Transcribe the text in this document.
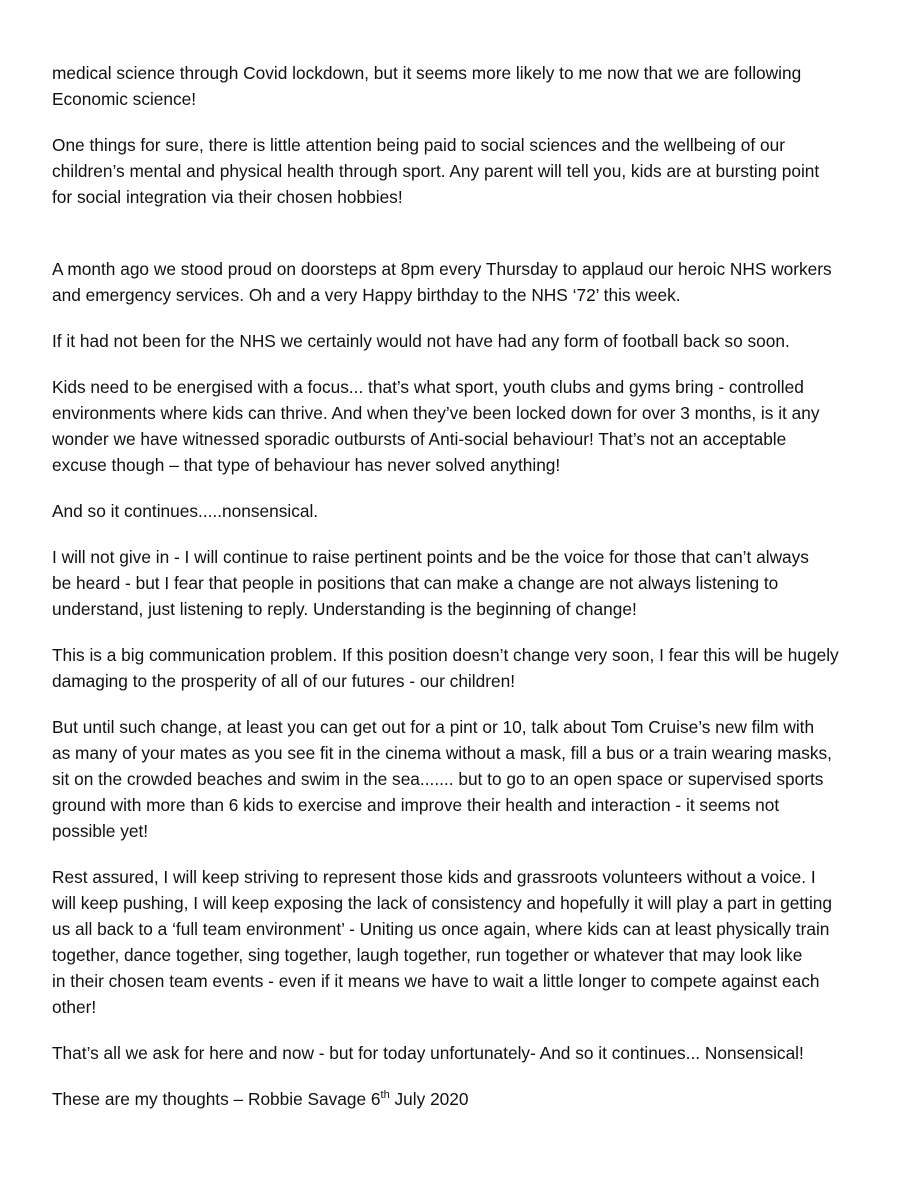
medical science through Covid lockdown, but it seems more likely to me now that we are following
Economic science!

One things for sure, there is little attention being paid to social sciences and the wellbeing of our
children’s mental and physical health through sport. Any parent will tell you, kids are at bursting point
for social integration via their chosen hobbies!

A month ago we stood proud on doorsteps at 8pm every Thursday to applaud our heroic NHS workers
and emergency services. Oh and a very Happy birthday to the NHS ‘72’ this week.

If it had not been for the NHS we certainly would not have had any form of football back so soon.

Kids need to be energised with a focus... that’s what sport, youth clubs and gyms bring - controlled
environments where kids can thrive. And when they’ve been locked down for over 3 months, is it any
wonder we have witnessed sporadic outbursts of Anti-social behaviour! That’s not an acceptable
excuse though – that type of behaviour has never solved anything!

And so it continues.....nonsensical.

I will not give in - I will continue to raise pertinent points and be the voice for those that can’t always
be heard - but I fear that people in positions that can make a change are not always listening to
understand, just listening to reply. Understanding is the beginning of change!

This is a big communication problem. If this position doesn’t change very soon, I fear this will be hugely
damaging to the prosperity of all of our futures - our children!

But until such change, at least you can get out for a pint or 10, talk about Tom Cruise’s new film with
as many of your mates as you see fit in the cinema without a mask, fill a bus or a train wearing masks,
sit on the crowded beaches and swim in the sea....... but to go to an open space or supervised sports
ground with more than 6 kids to exercise and improve their health and interaction - it seems not
possible yet!

Rest assured, I will keep striving to represent those kids and grassroots volunteers without a voice. I
will keep pushing, I will keep exposing the lack of consistency and hopefully it will play a part in getting
us all back to a ‘full team environment’ - Uniting us once again, where kids can at least physically train
together, dance together, sing together, laugh together, run together or whatever that may look like
in their chosen team events - even if it means we have to wait a little longer to compete against each
other!

That’s all we ask for here and now - but for today unfortunately- And so it continues... Nonsensical!

These are my thoughts – Robbie Savage 6th July 2020
